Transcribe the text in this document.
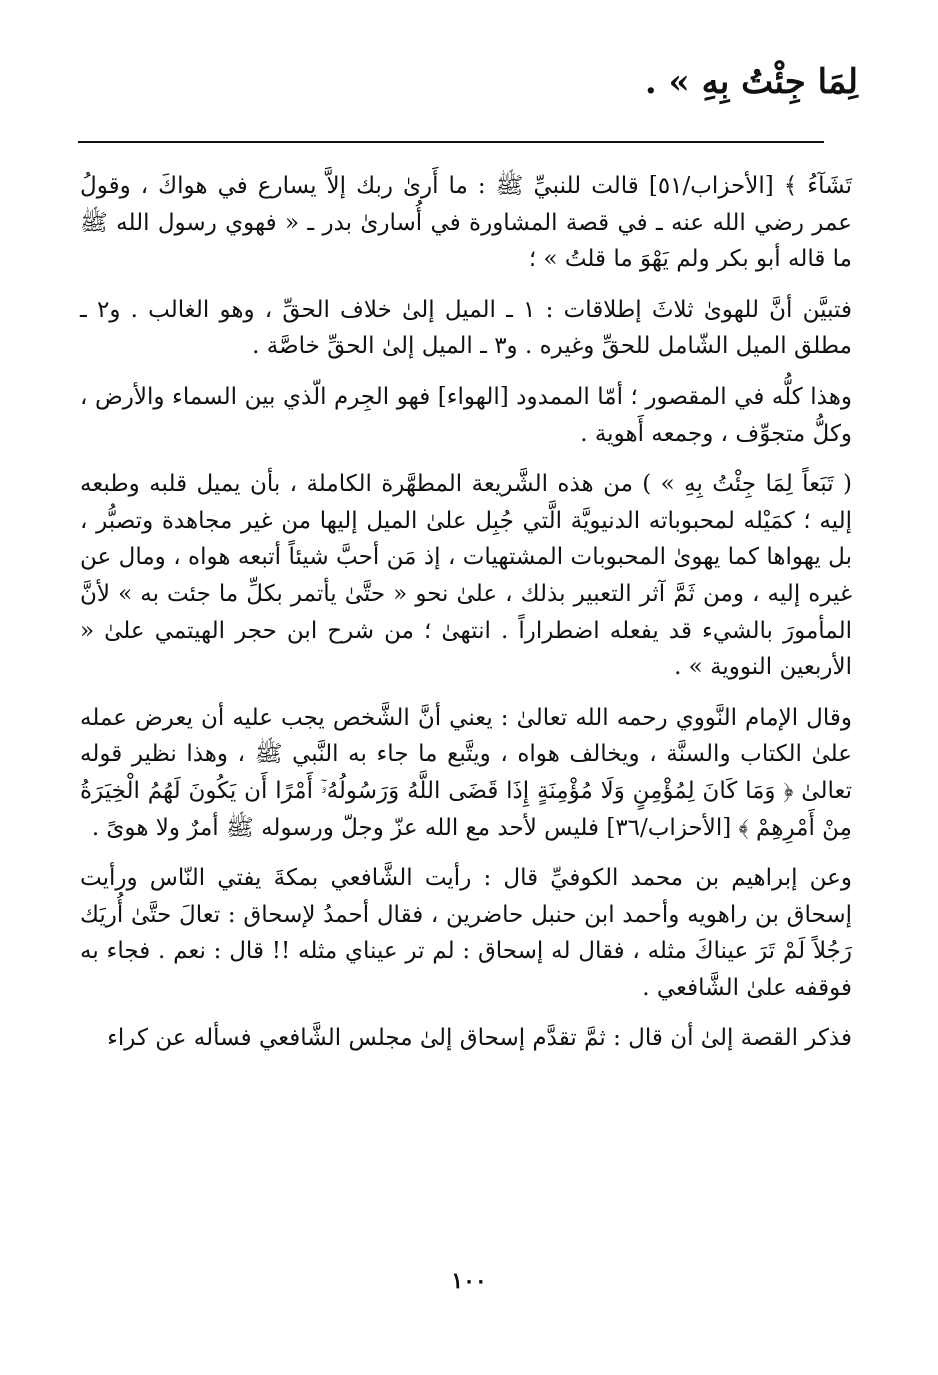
لِمَا جِئْتُ بِهِ » .

تَشَآءُ ﴾ [الأحزاب/٥١] قالت للنبيِّ ﷺ : ما أَرىٰ ربك إلاَّ يسارع في هواكَ ، وقولُ عمر رضي الله عنه ـ في قصة المشاورة في أُسارىٰ بدر ـ « فهوي رسول الله ﷺ ما قاله أبو بكر ولم يَهْوَ ما قلتُ » ؛

فتبيَّن أنَّ للهوىٰ ثلاثَ إطلاقات : ١ ـ الميل إلىٰ خلاف الحقِّ ، وهو الغالب . و٢ ـ مطلق الميل الشّامل للحقِّ وغيره . و٣ ـ الميل إلىٰ الحقِّ خاصَّة .

وهذا كلُّه في المقصور ؛ أمّا الممدود [الهواء] فهو الجِرم الّذي بين السماء والأرض ، وكلُّ متجوِّف ، وجمعه أَهوية .

( تَبَعاً لِمَا جِئْتُ بِهِ » ) من هذه الشَّريعة المطهَّرة الكاملة ، بأن يميل قلبه وطبعه إليه ؛ كمَيْله لمحبوباته الدنيويَّة الَّتي جُبِل علىٰ الميل إليها من غير مجاهدة وتصبُّر ، بل يهواها كما يهوىٰ المحبوبات المشتهيات ، إذ مَن أحبَّ شيئاً أتبعه هواه ، ومال عن غيره إليه ، ومن ثَمَّ آثر التعبير بذلك ، علىٰ نحو « حتَّىٰ يأتمر بكلِّ ما جئت به » لأنَّ المأمورَ بالشيء قد يفعله اضطراراً . انتهىٰ ؛ من شرح ابن حجر الهيتمي علىٰ « الأربعين النووية » .

وقال الإمام النَّووي رحمه الله تعالىٰ : يعني أنَّ الشَّخص يجب عليه أن يعرض عمله علىٰ الكتاب والسنَّة ، ويخالف هواه ، ويتَّبع ما جاء به النَّبي ﷺ ، وهذا نظير قوله تعالىٰ ﴿ وَمَا كَانَ لِمُؤْمِنٍ وَلَا مُؤْمِنَةٍ إِذَا قَضَى اللَّهُ وَرَسُولُهُۥٓ أَمْرًا أَن يَكُونَ لَهُمُ الْخِيَرَةُ مِنْ أَمْرِهِمْ ﴾ [الأحزاب/٣٦] فليس لأحد مع الله عزّ وجلّ ورسوله ﷺ أمرٌ ولا هوىً .

وعن إبراهيم بن محمد الكوفيِّ قال : رأيت الشَّافعي بمكةَ يفتي النّاس ورأيت إسحاق بن راهويه وأحمد ابن حنبل حاضرين ، فقال أحمدُ لإسحاق : تعالَ حتَّىٰ أُريَك رَجُلاً لَمْ تَرَ عيناكَ مثله ، فقال له إسحاق : لم تر عيناي مثله !! قال : نعم . فجاء به فوقفه علىٰ الشَّافعي .

فذكر القصة إلىٰ أن قال : ثمَّ تقدَّم إسحاق إلىٰ مجلس الشَّافعي فسأله عن كراء

١٠٠
